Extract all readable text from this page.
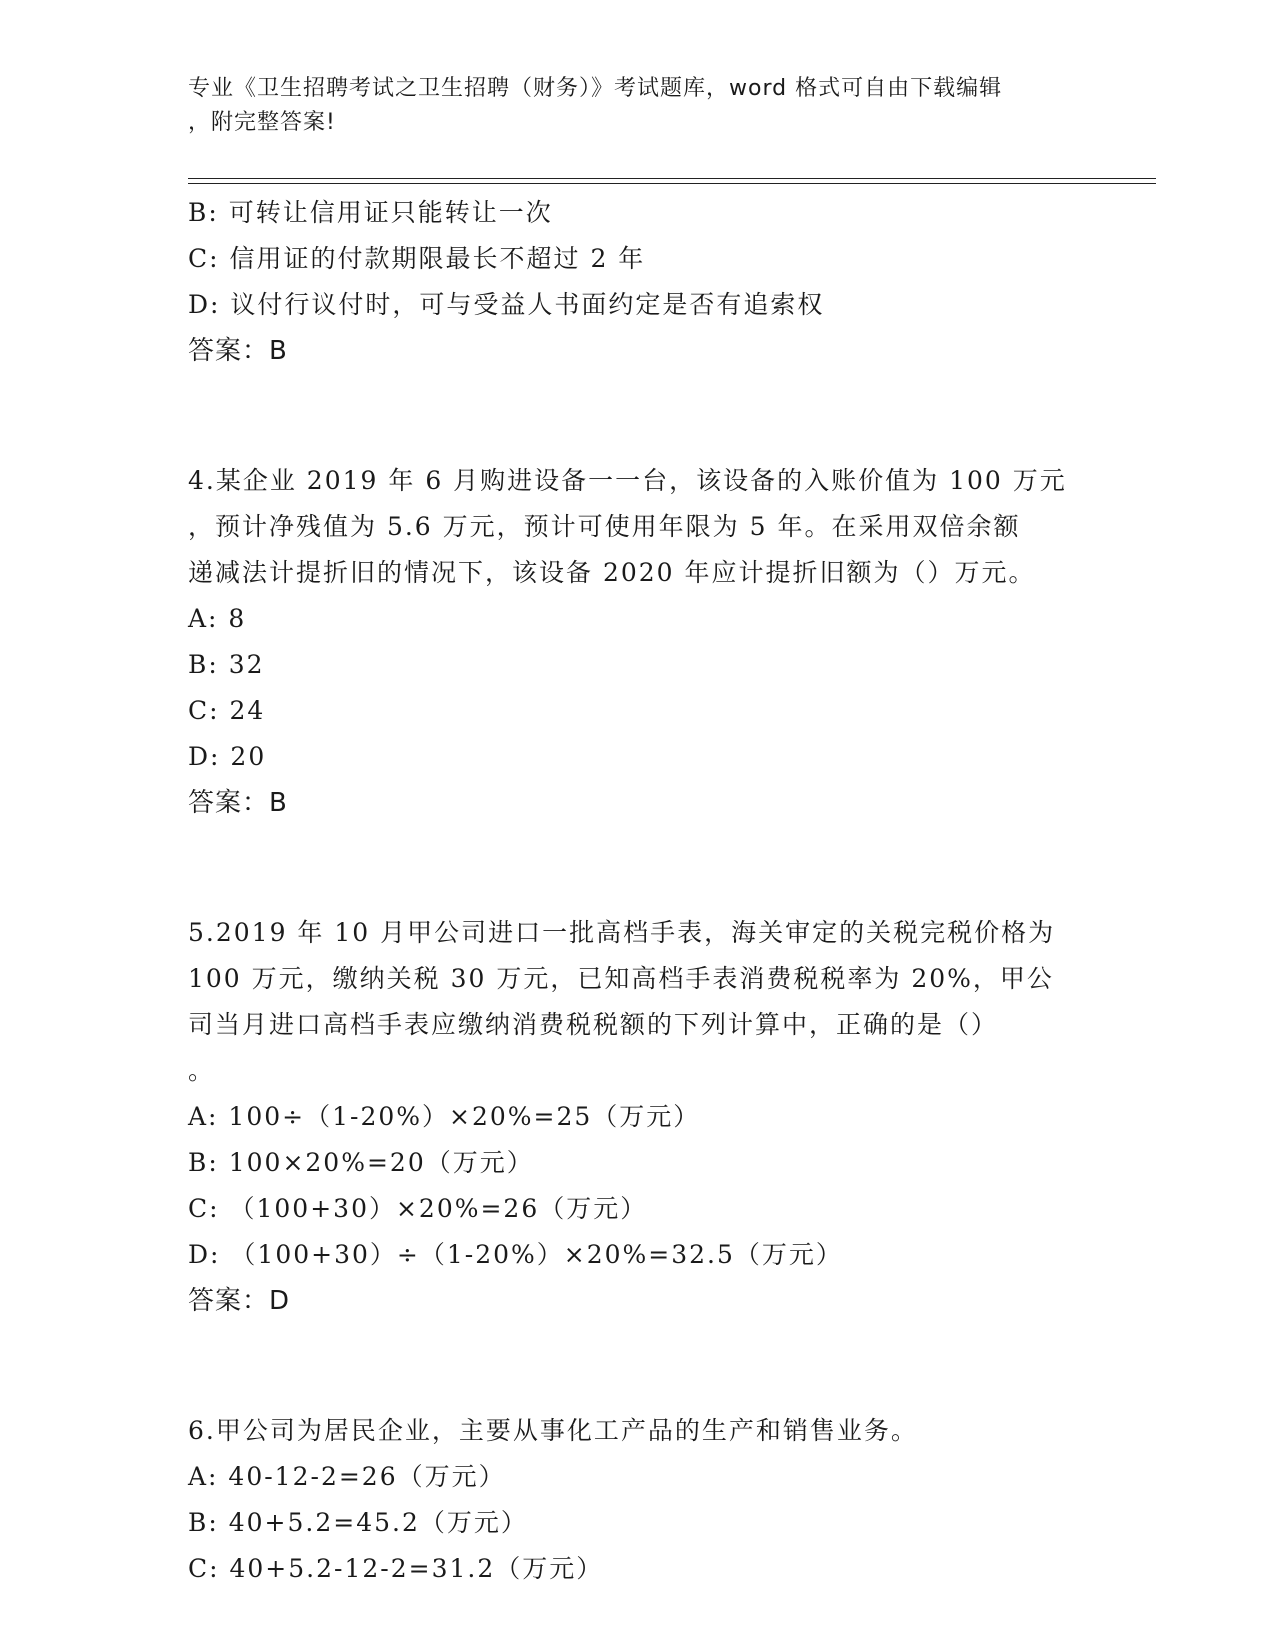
专业《卫生招聘考试之卫生招聘（财务）》考试题库，word 格式可自由下载编辑
，附完整答案!
B: 可转让信用证只能转让一次
C: 信用证的付款期限最长不超过 2 年
D: 议付行议付时，可与受益人书面约定是否有追索权
答案：B
4.某企业 2019 年 6 月购进设备一一台，该设备的入账价值为 100 万元
，预计净残值为 5.6 万元，预计可使用年限为 5 年。在采用双倍余额
递减法计提折旧的情况下，该设备 2020 年应计提折旧额为（）万元。
A: 8
B: 32
C: 24
D: 20
答案：B
5.2019 年 10 月甲公司进口一批高档手表，海关审定的关税完税价格为
100 万元，缴纳关税 30 万元，已知高档手表消费税税率为 20%，甲公
司当月进口高档手表应缴纳消费税税额的下列计算中，正确的是（）
。
A: 100÷（1-20%）×20%=25（万元）
B: 100×20%=20（万元）
C: （100+30）×20%=26（万元）
D: （100+30）÷（1-20%）×20%=32.5（万元）
答案：D
6.甲公司为居民企业，主要从事化工产品的生产和销售业务。
A: 40-12-2=26（万元）
B: 40+5.2=45.2（万元）
C: 40+5.2-12-2=31.2（万元）
